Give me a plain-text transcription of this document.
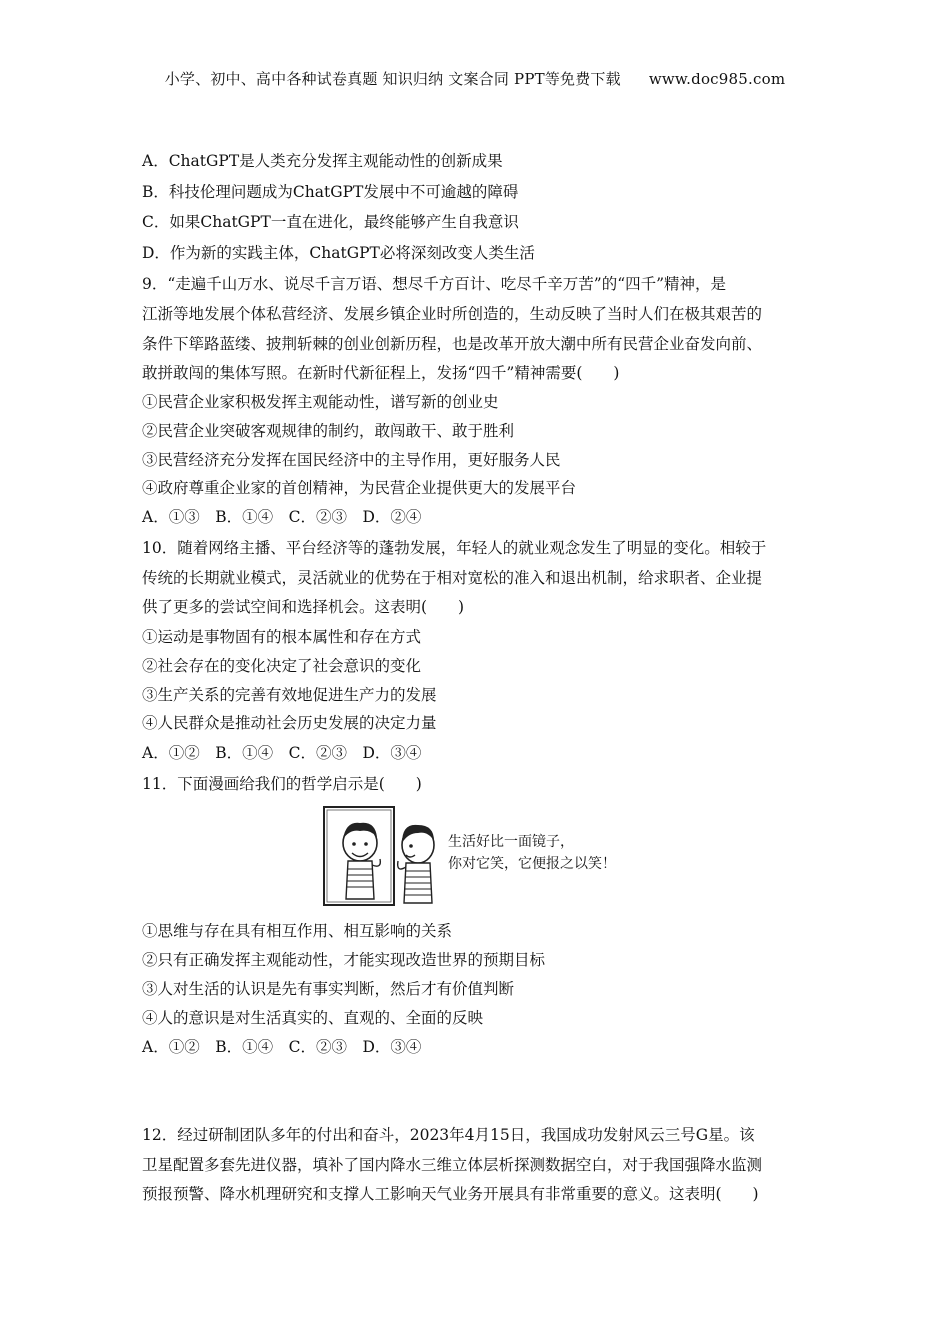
小学、初中、高中各种试卷真题 知识归纳 文案合同 PPT等免费下载 www.doc985.com
A．ChatGPT是人类充分发挥主观能动性的创新成果
B．科技伦理问题成为ChatGPT发展中不可逾越的障碍
C．如果ChatGPT一直在进化，最终能够产生自我意识
D．作为新的实践主体，ChatGPT必将深刻改变人类生活
9．“走遍千山万水、说尽千言万语、想尽千方百计、吃尽千辛万苦”的“四千”精神，是
江浙等地发展个体私营经济、发展乡镇企业时所创造的，生动反映了当时人们在极其艰苦的
条件下筚路蓝缕、披荆斩棘的创业创新历程，也是改革开放大潮中所有民营企业奋发向前、
敢拼敢闯的集体写照。在新时代新征程上，发扬“四千”精神需要(　　)
①民营企业家积极发挥主观能动性，谱写新的创业史
②民营企业突破客观规律的制约，敢闯敢干、敢于胜利
③民营经济充分发挥在国民经济中的主导作用，更好服务人民
④政府尊重企业家的首创精神，为民营企业提供更大的发展平台
A．①③　B．①④　C．②③　D．②④
10．随着网络主播、平台经济等的蓬勃发展，年轻人的就业观念发生了明显的变化。相较于
传统的长期就业模式，灵活就业的优势在于相对宽松的准入和退出机制，给求职者、企业提
供了更多的尝试空间和选择机会。这表明(　　)
①运动是事物固有的根本属性和存在方式
②社会存在的变化决定了社会意识的变化
③生产关系的完善有效地促进生产力的发展
④人民群众是推动社会历史发展的决定力量
A．①②　B．①④　C．②③　D．③④
11．下面漫画给我们的哲学启示是(　　)
生活好比一面镜子，
你对它笑，它便报之以笑！
①思维与存在具有相互作用、相互影响的关系
②只有正确发挥主观能动性，才能实现改造世界的预期目标
③人对生活的认识是先有事实判断，然后才有价值判断
④人的意识是对生活真实的、直观的、全面的反映
A．①②　B．①④　C．②③　D．③④
12．经过研制团队多年的付出和奋斗，2023年4月15日，我国成功发射风云三号G星。该
卫星配置多套先进仪器，填补了国内降水三维立体层析探测数据空白，对于我国强降水监测
预报预警、降水机理研究和支撑人工影响天气业务开展具有非常重要的意义。这表明(　　)
